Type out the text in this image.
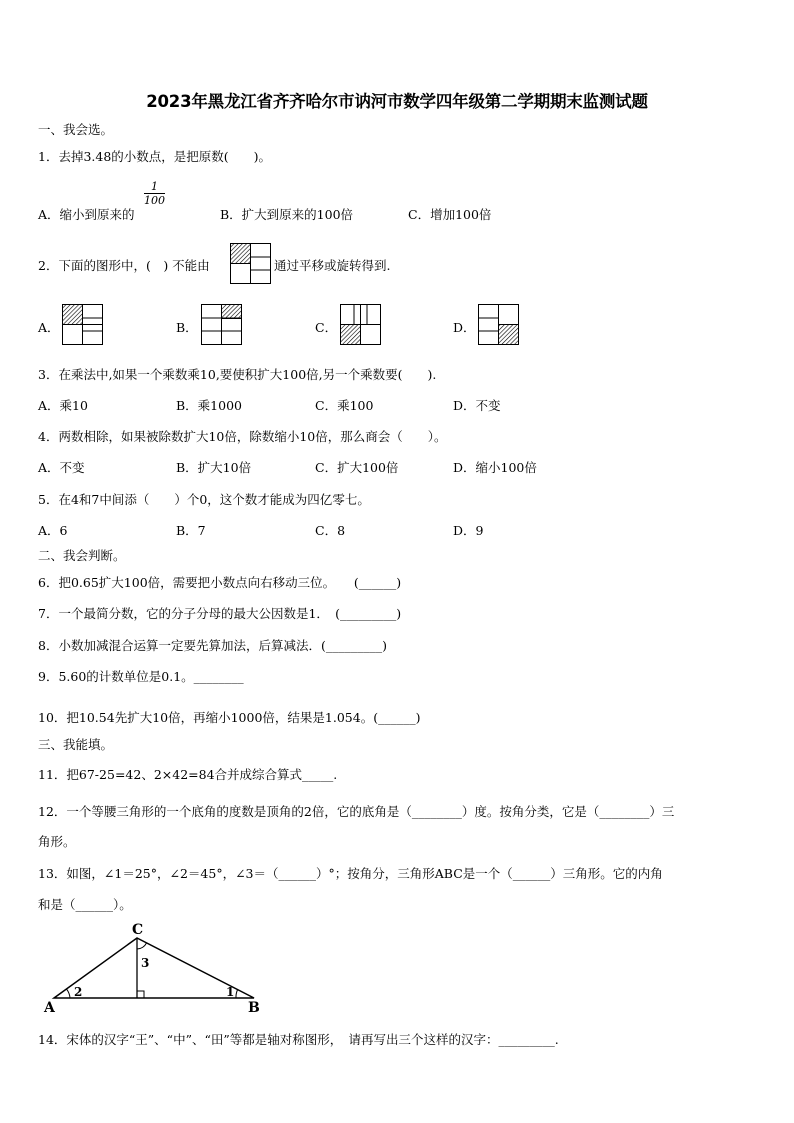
2023年黑龙江省齐齐哈尔市讷河市数学四年级第二学期期末监测试题
一、我会选。
1．去掉3.48的小数点，是把原数(　　)。
A．缩小到原来的
$\frac{1}{100}$
B．扩大到原来的100倍	C．增加100倍
2．下面的图形中，(　) 不能由	通过平移或旋转得到.
A．	B．	C．	D．
3．在乘法中,如果一个乘数乘10,要使积扩大100倍,另一个乘数要(　　).
A．乘10	B．乘1000	C．乘100	D．不变
4．两数相除，如果被除数扩大10倍，除数缩小10倍，那么商会（　　）。
A．不变	B．扩大10倍	C．扩大100倍	D．缩小100倍
5．在4和7中间添（　　）个0，这个数才能成为四亿零七。
A．6	B．7	C．8	D．9
二、我会判断。
6．把0.65扩大100倍，需要把小数点向右移动三位。　　(______)
7．一个最简分数，它的分子分母的最大公因数是1．　(_________)
8．小数加减混合运算一定要先算加法，后算减法．(_________)
9．5.60的计数单位是0.1。________
10．把10.54先扩大10倍，再缩小1000倍，结果是1.054。(______)
三、我能填。
11．把67-25=42、2×42=84合并成综合算式_____.
12．一个等腰三角形的一个底角的度数是顶角的2倍，它的底角是（________）度。按角分类，它是（________）三
角形。
13．如图，∠1＝25°，∠2＝45°，∠3＝（______）°；按角分，三角形ABC是一个（______）三角形。它的内角
和是（______）。
A
C
B
2	1
3
14．宋体的汉字“王”、“中”、“田”等都是轴对称图形，　请再写出三个这样的汉字：_________.
